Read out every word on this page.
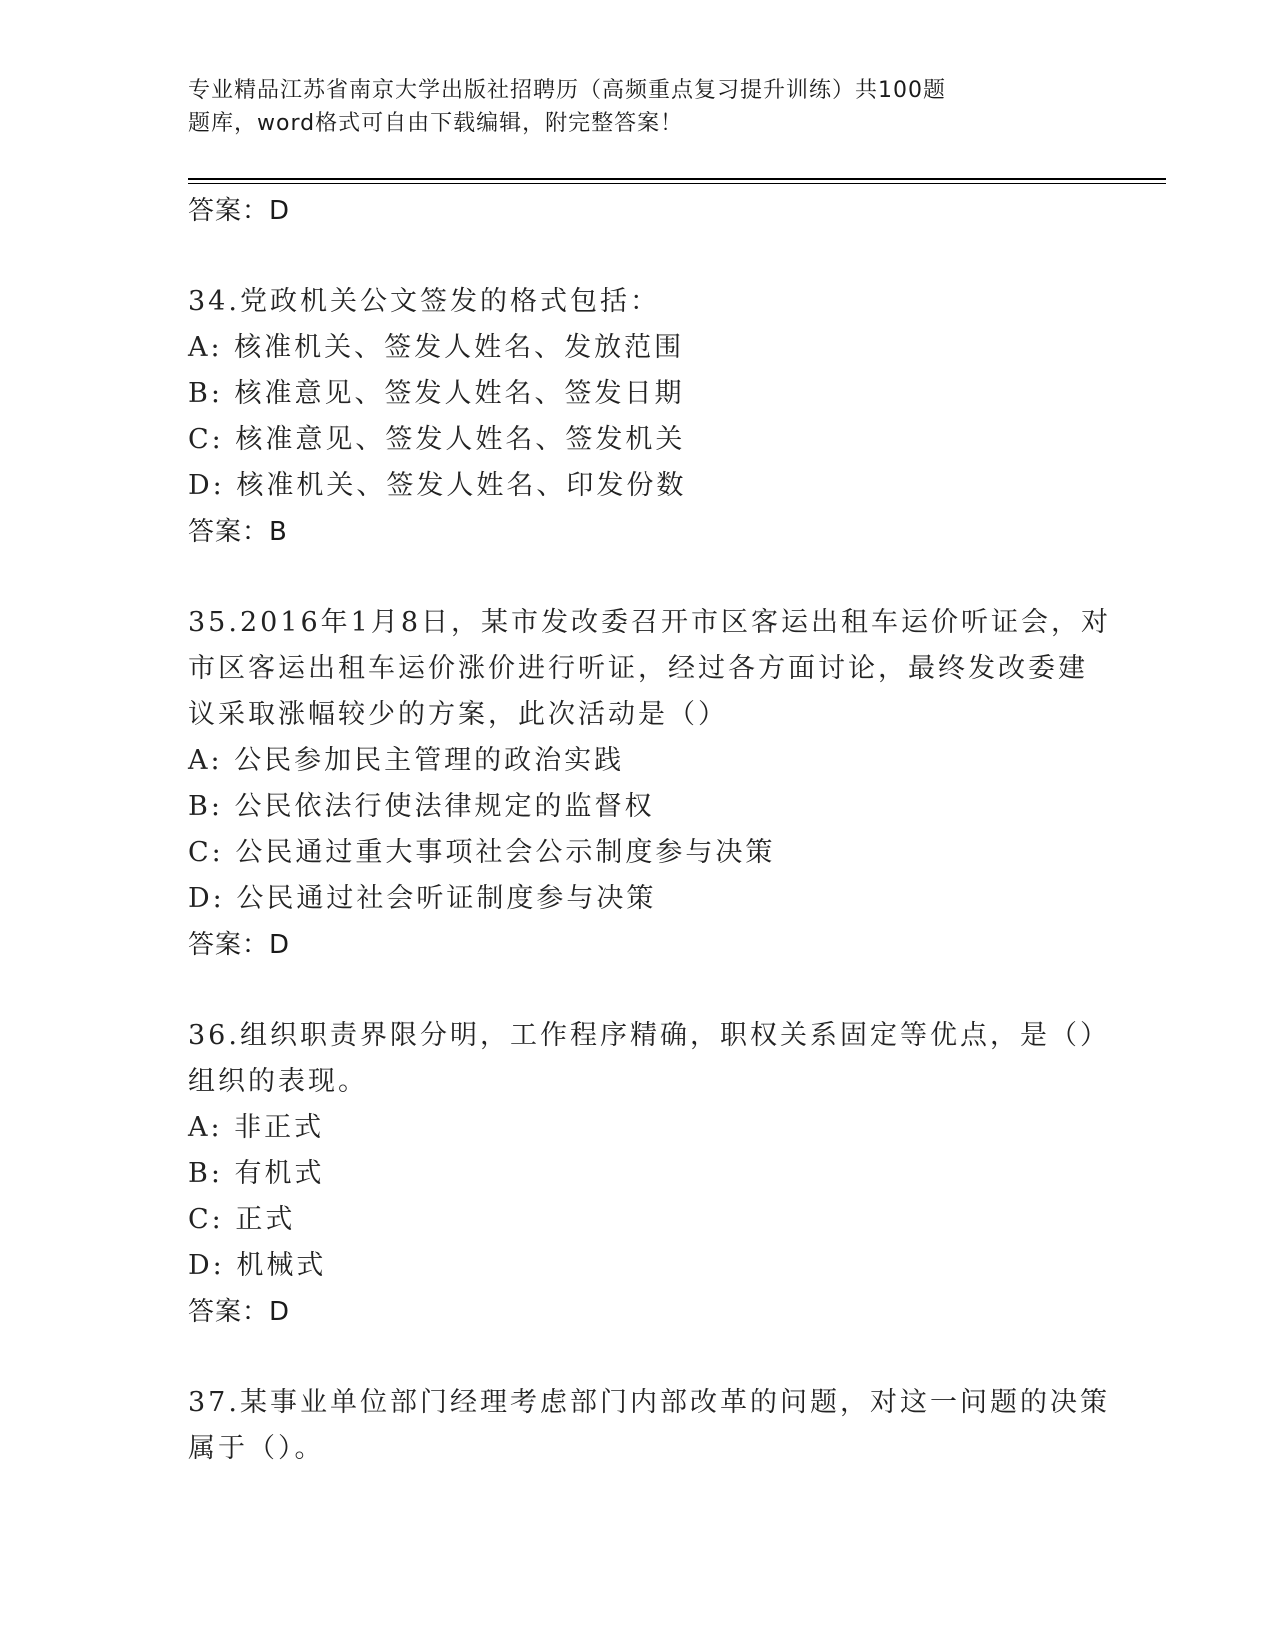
专业精品江苏省南京大学出版社招聘历（高频重点复习提升训练）共100题
题库，word格式可自由下载编辑，附完整答案！
答案：D
34.党政机关公文签发的格式包括：
A: 核准机关、签发人姓名、发放范围
B: 核准意见、签发人姓名、签发日期
C: 核准意见、签发人姓名、签发机关
D: 核准机关、签发人姓名、印发份数
答案：B
35.2016年1月8日，某市发改委召开市区客运出租车运价听证会，对
市区客运出租车运价涨价进行听证，经过各方面讨论，最终发改委建
议采取涨幅较少的方案，此次活动是（）
A: 公民参加民主管理的政治实践
B: 公民依法行使法律规定的监督权
C: 公民通过重大事项社会公示制度参与决策
D: 公民通过社会听证制度参与决策
答案：D
36.组织职责界限分明，工作程序精确，职权关系固定等优点，是（）
组织的表现。
A: 非正式
B: 有机式
C: 正式
D: 机械式
答案：D
37.某事业单位部门经理考虑部门内部改革的问题，对这一问题的决策
属于（）。
